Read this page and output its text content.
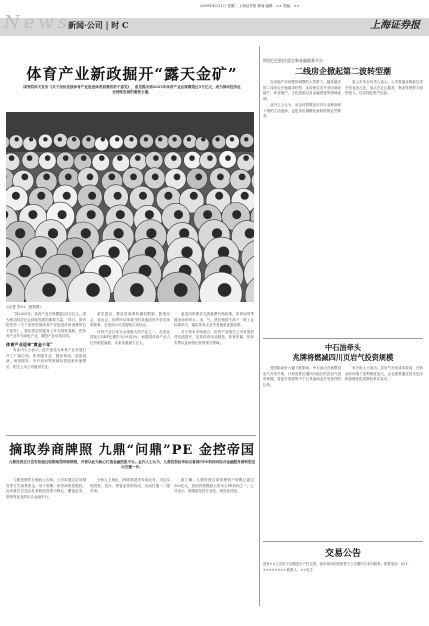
News
新闻·公司 | 时 C
2009年4月21日 星期二 上海证券报 要闻 编辑：×× 美编：××
上海证券报
体育产业新政掘开“露天金矿”
国务院昨天发布《关于加快发展体育产业促进体育消费的若干意见》，意见提出到2025年体育产业总规模超过5万亿元，成为推动经济社会持续发展的重要力量。
◎记者 李××（资料图）

“到2025年，体育产业总规模超过5万亿元，成为推动经济社会持续发展的重要力量。”昨日，国务院发布《关于加快发展体育产业促进体育消费的若干意见》，提出将全民健身上升为国家战略，把体育产业作为绿色产业、朝阳产业培育扶持。

体育产业迎来“黄金十年”

有业内人士表示，此次意见为体育产业发展打开了广阔空间，体育服务业、健身休闲、竞赛表演、场馆服务、中介培训等领域有望迎来快速增长，相关上市公司值得关注。

意见提出，要放宽赛事转播权限制，除奥运会、亚运会、世界杯足球赛外的其他国内外各类体育赛事，各电视台可直接购买或转让。

体育产业已成为全球最大的产业之一，在发达国家占GDP比重约为2%至3%，而我国体育产业占比仍明显偏低，未来发展潜力巨大。

意见同时要求完善税费价格政策，体育场馆等健身场所的水、电、气、热价格按不高于一般工业标准执行，落实体育企业享受税收优惠政策。

对于资本市场而言，体育产业相关公司有望获得估值提升，包括体育用品制造、体育传媒、体育彩票以及场馆运营等细分领域。

摘取券商牌照 九鼎“问鼎”PE 金控帝国
九鼎投资近日宣布拟通过收购取得券商牌照，并将以此为核心打造金融控股平台。业内人士认为，九鼎投资此举标志着国内PE机构向综合金融服务商转型迈出关键一步。

九鼎投资昨日晚间公告称，公司拟通过定向增发等方式募集资金，用于收购一家券商的控股权。此举意在打造以私募股权投资为核心、覆盖证券、资管等业务的综合金融平台。

分析人士指出，PE机构进军券商业务，可以实现投资、投行、资管业务的协同，从而打通一二级市场。

据了解，九鼎投资目前管理资产规模已超过300亿元，是国内规模最大的本土PE机构之一。公司表示，将继续坚持专业化、规范化经营。

阿里巴巴拟打造全新金融服务平台
二线房企掀起第二波转型潮

在房地产市场整体调整的大背景下，越来越多的二线房企开始谋求转型，从传统住宅开发向商业地产、养老地产、文化旅游以及金融投资等领域延伸。

业内人士认为，房企转型既是应对行业利润率下滑的主动选择，也是适应城镇化新阶段的必然要求。

某上市房企负责人表示，公司将逐步降低住宅开发业务占比，加大在社区服务、物业管理等方面的投入，以实现轻资产运营。

中石油牵头
兆牌将燃减四川页岩气投资规模

受国际油价大幅下跌影响，中石油正在调整页岩气开发节奏，计划适度压缩四川地区的页岩气投资规模，将更多资源集中于已具备商业开发条件的区块。

有分析人士指出，页岩气开发成本较高，在低油价环境下盈利难度加大，企业需要通过技术进步和管理优化来降低单井成本。

交易公告
兹有××公司拟于近期进行产权交易，请有意向的投资者于公告期内与本所联系。联系电话：021-×××××××× 联系人：××先生
